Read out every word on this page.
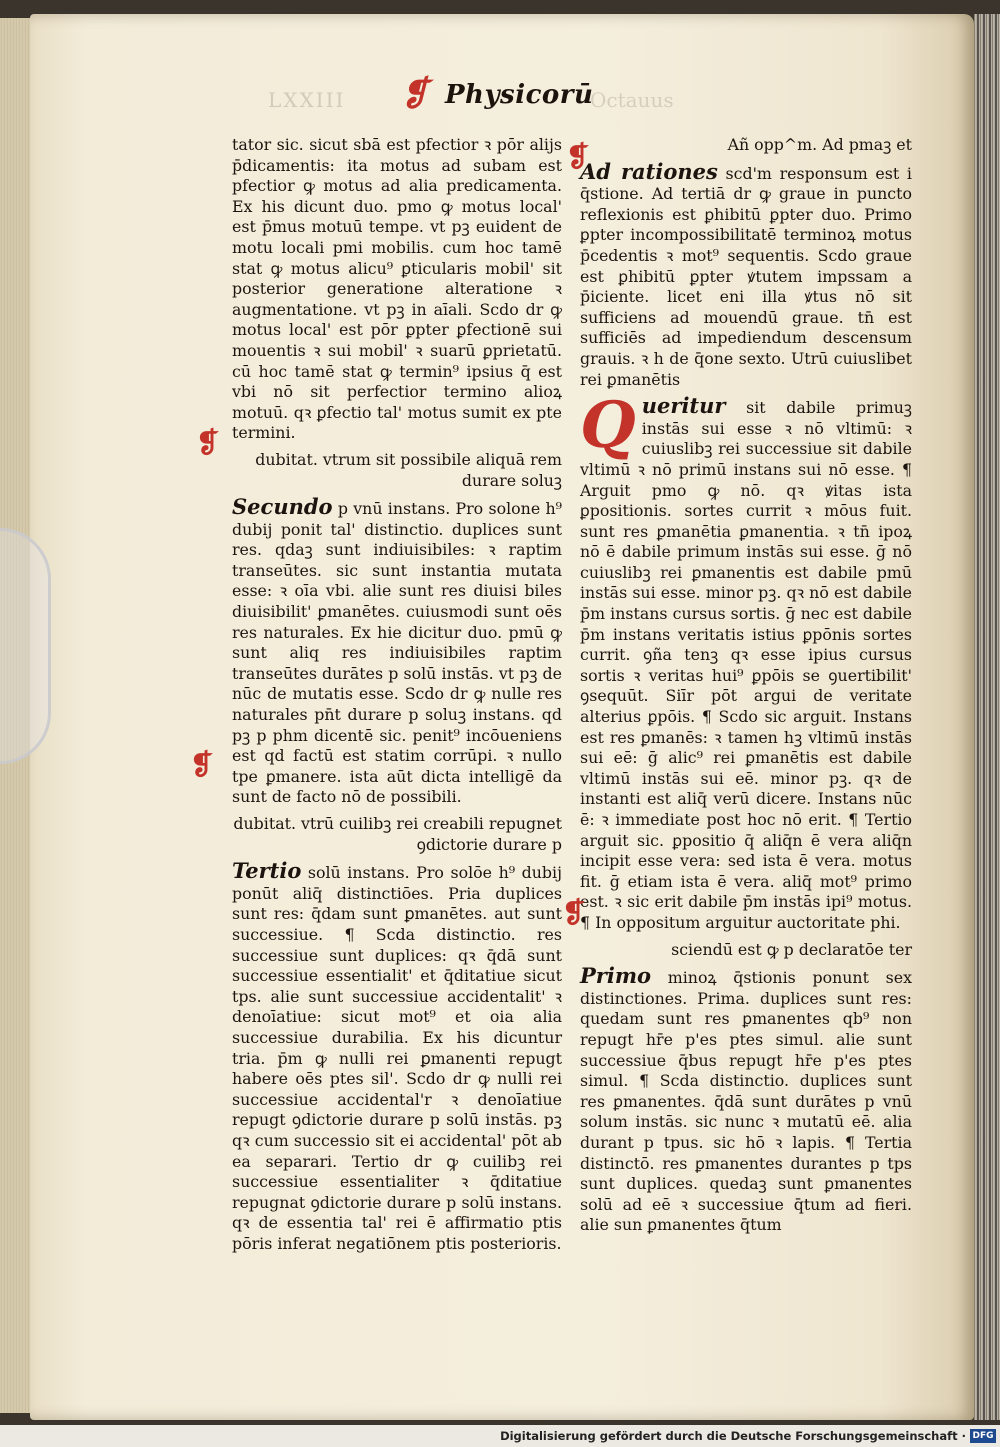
LXXIII	Octauus
❡ Physicorū

tator sic. sicut sbā est pfectior ꝛ pōr alijs p̄dicamentis: ita motus ad subam est pfectior ꝙ motus ad alia predicamenta. Ex his dicunt duo. pmo ꝙ motus local' est p̄mus motuū tempe. vt pꝫ euident de motu locali pmi mobilis. cum hoc tamē stat ꝙ motus alicu⁹ ꝑticularis mobil' sit posterior generatione alteratione ꝛ augmentatione. vt pꝫ in aīali. Scdo dr ꝙ motus local' est pōr ꝑpter ꝑfectionē sui mouentis ꝛ sui mobil' ꝛ suarū ꝑprietatū. cū hoc tamē stat ꝙ termin⁹ ipsius q̄ est vbi nō sit perfectior termino alioꝝ motuū. qꝛ ꝑfectio tal' motus sumit ex pte termini.

dubitat. vtrum sit possibile aliquā rem durare soluꝫ

Secundo p vnū instans. Pro solone h⁹ dubij ponit tal' distinctio. duplices sunt res. qdaꝫ sunt indiuisibiles: ꝛ raptim transeūtes. sic sunt instantia mutata esse: ꝛ oīa vbi. alie sunt res diuisi biles diuisibilit' ꝑmanētes. cuiusmodi sunt oēs res naturales. Ex hie dicitur duo. pmū ꝙ sunt aliq res indiuisibiles raptim transeūtes durātes p solū instās. vt pꝫ de nūc de mutatis esse. Scdo dr ꝙ nulle res naturales pn̄t durare p soluꝫ instans. qd pꝫ p phm dicentē sic. penit⁹ incōueniens est qd factū est statim corrūpi. ꝛ nullo tpe ꝑmanere. ista aūt dicta intelligē da sunt de facto nō de possibili.

dubitat. vtrū cuilibꝫ rei creabili repugnet ꝯdictorie durare p

Tertio solū instans. Pro solōe h⁹ dubij ponūt aliq̄ distinctiōes. Pria duplices sunt res: q̄dam sunt ꝑmanētes. aut sunt successiue. ¶ Scda distinctio. res successiue sunt duplices: qꝛ q̄dā sunt successiue essentialit' et q̄ditatiue sicut tps. alie sunt successiue accidentalit' ꝛ denoīatiue: sicut mot⁹ et oia alia successiue durabilia. Ex his dicuntur tria. p̄m ꝙ nulli rei ꝑmanenti repugt habere oēs ptes sil'. Scdo dr ꝙ nulli rei successiue accidental'r ꝛ denoīatiue repugt ꝯdictorie durare p solū instās. pꝫ qꝛ cum successio sit ei accidental' pōt ab ea separari. Tertio dr ꝙ cuilibꝫ rei successiue essentialiter ꝛ q̄ditatiue repugnat ꝯdictorie durare p solū instans. qꝛ de essentia tal' rei ē affirmatio ptis pōris inferat negatiōnem ptis posterioris.

Añ opp^m. Ad pmaꝫ et

Ad rationes scd'm responsum est i q̄stione. Ad tertiā dr ꝙ graue in puncto reflexionis est ꝑhibitū ꝑpter duo. Primo ꝑpter incompossibilitatē terminoꝝ motus p̄cedentis ꝛ mot⁹ sequentis. Scdo graue est ꝑhibitū ꝑpter ꝟtutem impssam a p̄iciente. licet eni illa ꝟtus nō sit sufficiens ad mouendū graue. tn̄ est sufficiēs ad impediendum descensum grauis. ꝛ h de q̄one sexto. Utrū cuiuslibet rei ꝑmanētis

Q ueritur sit dabile primuꝫ instās sui esse ꝛ nō vltimū: ꝛ cuiuslibꝫ rei successiue sit dabile vltimū ꝛ nō primū instans sui nō esse. ¶ Arguit pmo ꝙ nō. qꝛ ꝟitas ista ꝑpositionis. sortes currit ꝛ mōus fuit. sunt res ꝑmanētia ꝑmanentia. ꝛ tn̄ ipoꝝ nō ē dabile primum instās sui esse. ḡ nō cuiuslibꝫ rei ꝑmanentis est dabile pmū instās sui esse. minor pꝫ. qꝛ nō est dabile p̄m instans cursus sortis. ḡ nec est dabile p̄m instans veritatis istius ꝑpōnis sortes currit. ꝯña tenꝫ qꝛ esse ipius cursus sortis ꝛ veritas hui⁹ ꝑpōis se ꝯuertibilit' ꝯsequūt. Siīr pōt argui de veritate alterius ꝑpōis. ¶ Scdo sic arguit. Instans est res ꝑmanēs: ꝛ tamen hꝫ vltimū instās sui eē: ḡ alic⁹ rei ꝑmanētis est dabile vltimū instās sui eē. minor pꝫ. qꝛ de instanti est aliq̄ verū dicere. Instans nūc ē: ꝛ immediate post hoc nō erit. ¶ Tertio arguit sic. ꝑpositio q̄ aliq̄n ē vera aliq̄n incipit esse vera: sed ista ē vera. motus fit. ḡ etiam ista ē vera. aliq̄ mot⁹ primo est. ꝛ sic erit dabile p̄m instās ipi⁹ motus. ¶ In oppositum arguitur auctoritate phi.

sciendū est ꝙ p declaratōe ter

Primo minoꝝ q̄stionis ponunt sex distinctiones. Prima. duplices sunt res: quedam sunt res ꝑmanentes qb⁹ non repugt hr̄e p'es ptes simul. alie sunt successiue q̄bus repugt hr̄e p'es ptes simul. ¶ Scda distinctio. duplices sunt res ꝑmanentes. q̄dā sunt durātes p vnū solum instās. sic nunc ꝛ mutatū eē. alia durant p tpus. sic hō ꝛ lapis. ¶ Tertia distinctō. res ꝑmanentes durantes p tps sunt duplices. quedaꝫ sunt ꝑmanentes solū ad eē ꝛ successiue q̄tum ad fieri. alie sun ꝑmanentes q̄tum

❡
❡
❡
❡
Digitalisierung gefördert durch die Deutsche Forschungsgemeinschaft · DFG
